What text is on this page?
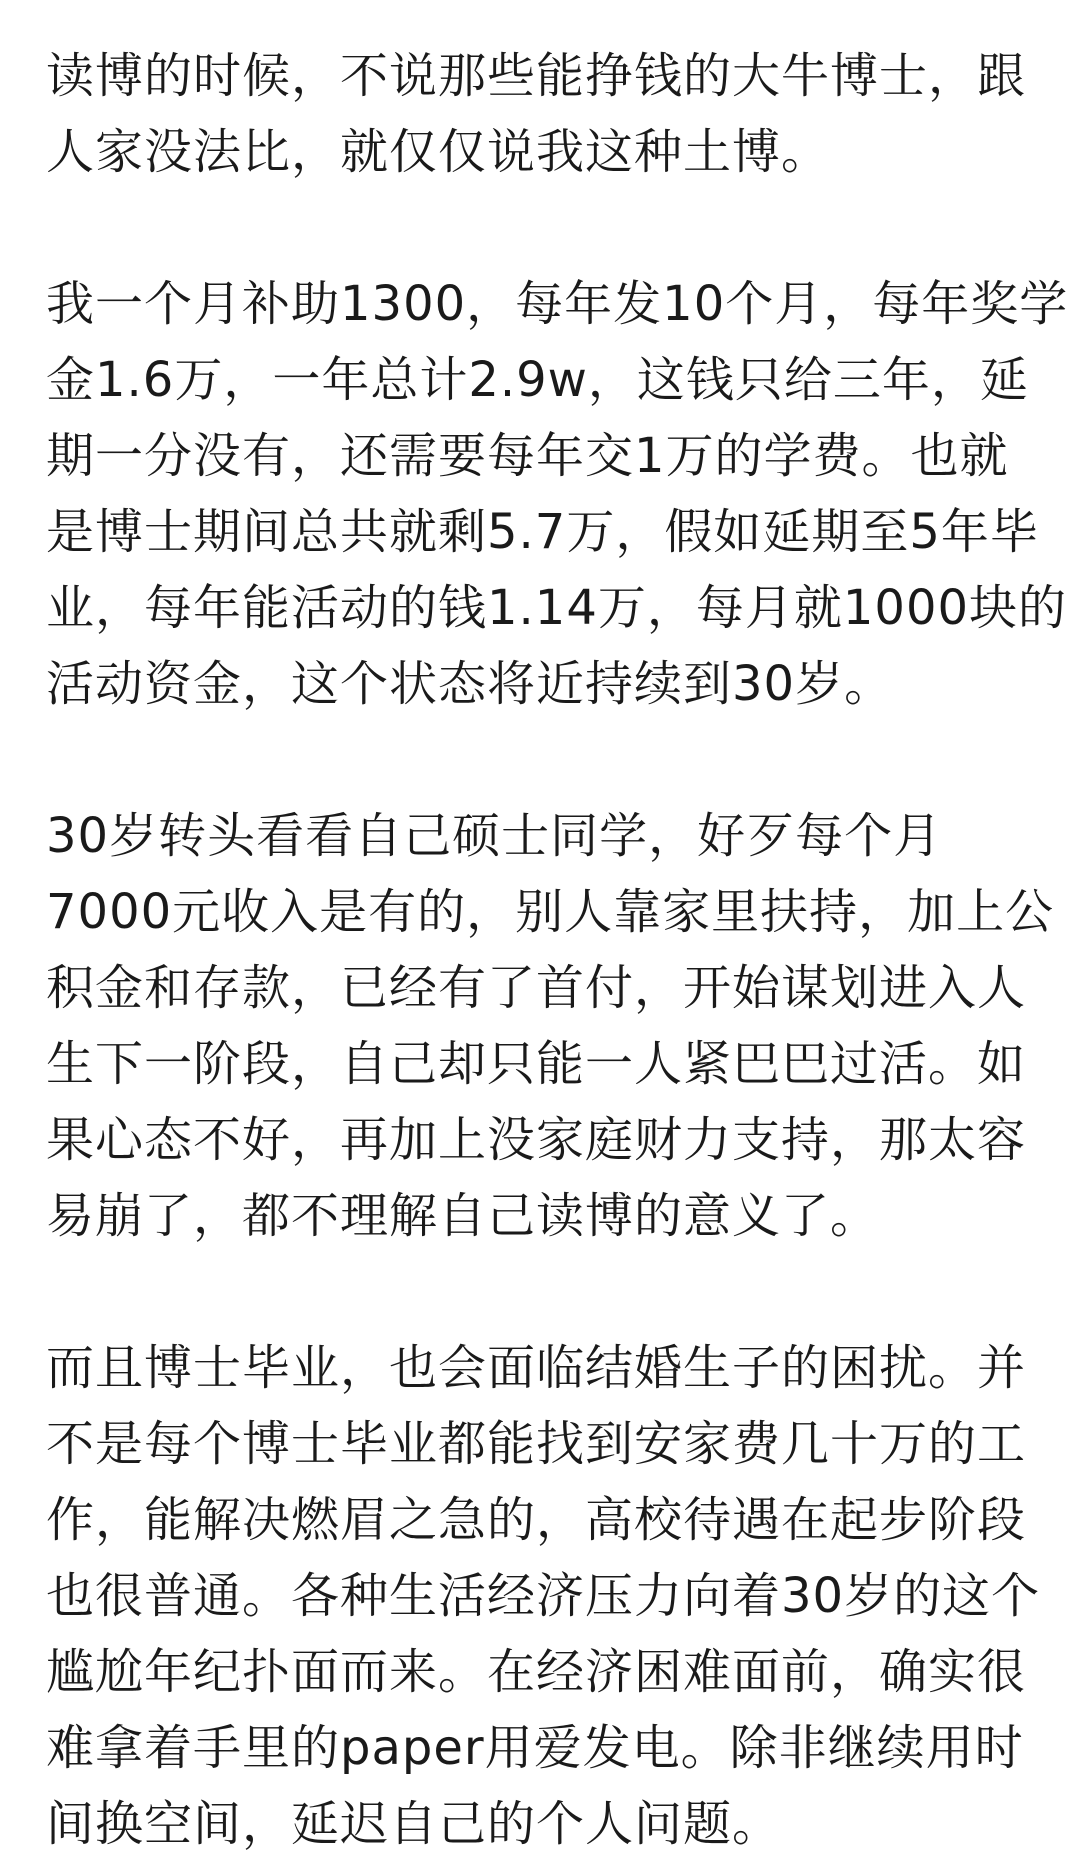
读博的时候，不说那些能挣钱的大牛博士，跟
人家没法比，就仅仅说我这种土博。
我一个月补助1300，每年发10个月，每年奖学
金1.6万，一年总计2.9w，这钱只给三年，延
期一分没有，还需要每年交1万的学费。也就
是博士期间总共就剩5.7万，假如延期至5年毕
业，每年能活动的钱1.14万，每月就1000块的
活动资金，这个状态将近持续到30岁。
30岁转头看看自己硕士同学，好歹每个月
7000元收入是有的，别人靠家里扶持，加上公
积金和存款，已经有了首付，开始谋划进入人
生下一阶段，自己却只能一人紧巴巴过活。如
果心态不好，再加上没家庭财力支持，那太容
易崩了，都不理解自己读博的意义了。
而且博士毕业，也会面临结婚生子的困扰。并
不是每个博士毕业都能找到安家费几十万的工
作，能解决燃眉之急的，高校待遇在起步阶段
也很普通。各种生活经济压力向着30岁的这个
尴尬年纪扑面而来。在经济困难面前，确实很
难拿着手里的paper用爱发电。除非继续用时
间换空间，延迟自己的个人问题。
